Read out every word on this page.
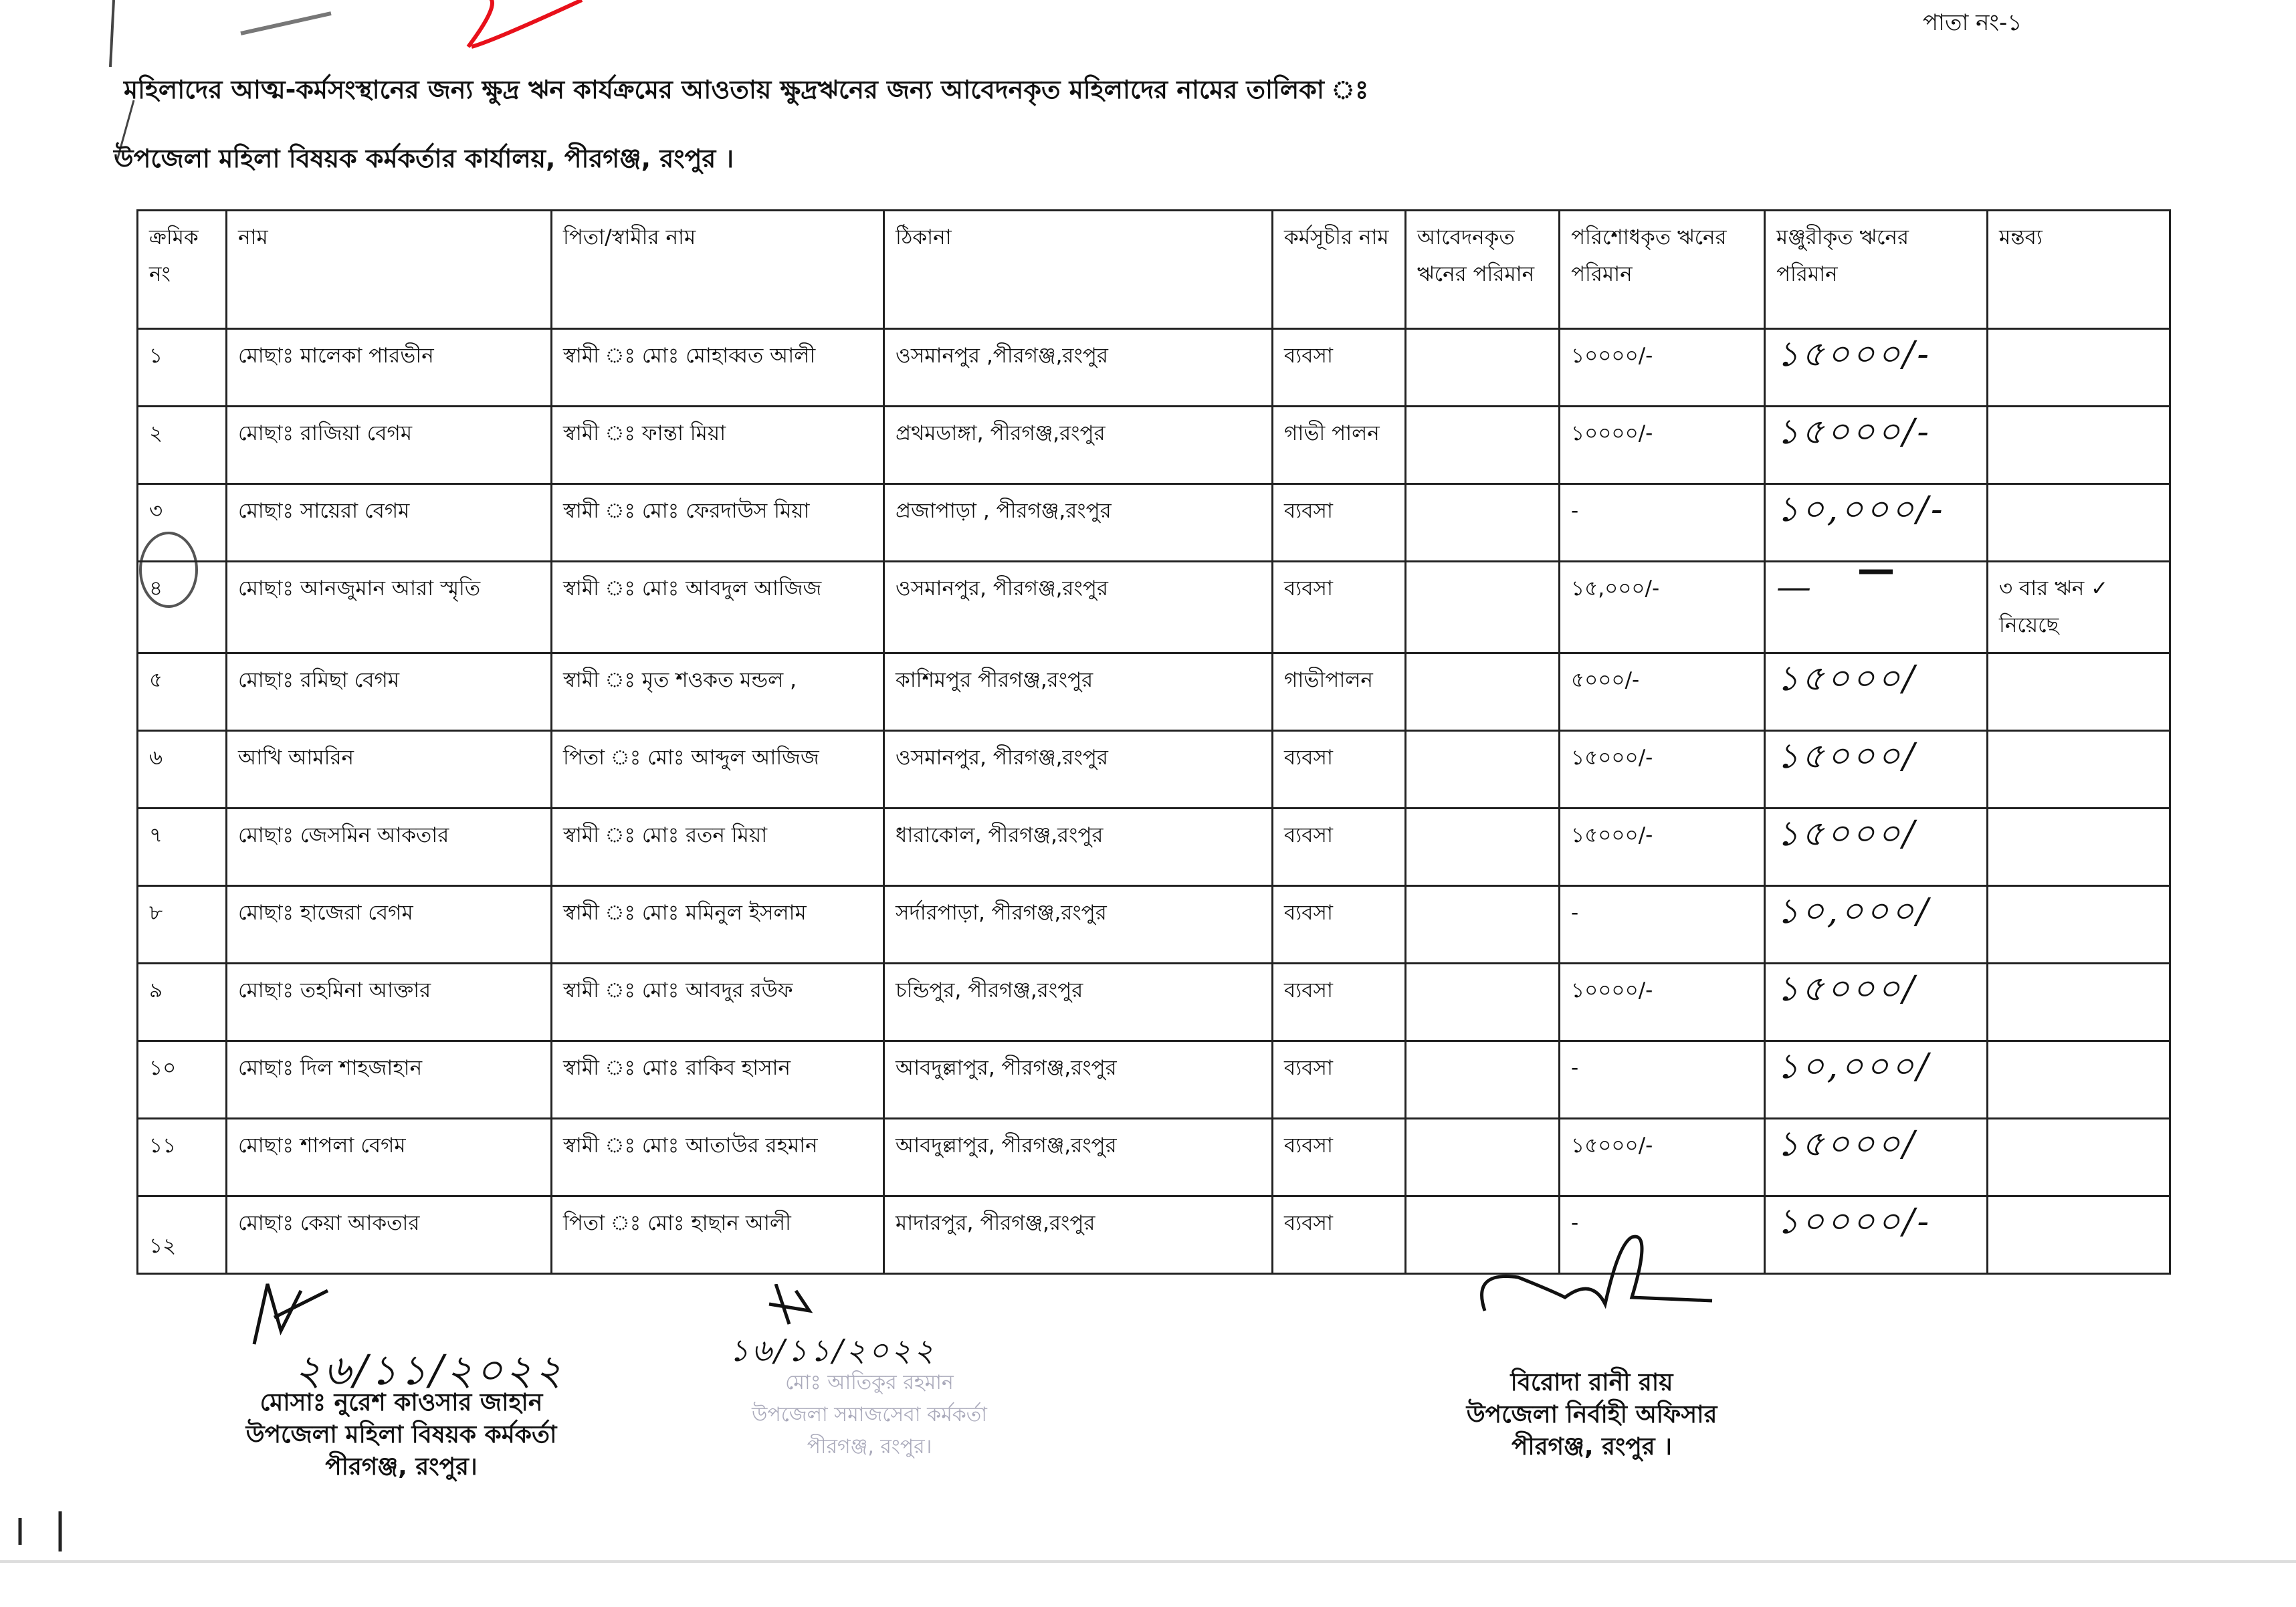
পাতা নং-১
মহিলাদের আত্ম-কর্মসংস্থানের জন্য ক্ষুদ্র ঋন কার্যক্রমের আওতায় ক্ষুদ্রঋনের জন্য আবেদনকৃত মহিলাদের নামের তালিকা ঃ
উপজেলা মহিলা বিষয়ক কর্মকর্তার কার্যালয়, পীরগঞ্জ, রংপুর ।
ক্রমিক নং	নাম	পিতা/স্বামীর নাম	ঠিকানা	কর্মসূচীর নাম	আবেদনকৃত ঋনের পরিমান	পরিশোধকৃত ঋনের পরিমান	মঞ্জুরীকৃত ঋনের পরিমান	মন্তব্য
১	মোছাঃ মালেকা পারভীন	স্বামী ঃ মোঃ মোহাব্বত আলী	ওসমানপুর ,পীরগঞ্জ,রংপুর	ব্যবসা		১০০০০/-	১৫০০০/-	
২	মোছাঃ রাজিয়া বেগম	স্বামী ঃ ফান্তা মিয়া	প্রথমডাঙ্গা, পীরগঞ্জ,রংপুর	গাভী পালন		১০০০০/-	১৫০০০/-	
৩	মোছাঃ সায়েরা বেগম	স্বামী ঃ মোঃ ফেরদাউস মিয়া	প্রজাপাড়া , পীরগঞ্জ,রংপুর	ব্যবসা		-	১০,০০০/-	
৪	মোছাঃ আনজুমান আরা স্মৃতি	স্বামী ঃ মোঃ আবদুল আজিজ	ওসমানপুর, পীরগঞ্জ,রংপুর	ব্যবসা		১৫,০০০/-	—	৩ বার ঋন ✓ নিয়েছে
৫	মোছাঃ রমিছা বেগম	স্বামী ঃ মৃত শওকত মন্ডল ,	কাশিমপুর পীরগঞ্জ,রংপুর	গাভীপালন		৫০০০/-	১৫০০০/	
৬	আখি আমরিন	পিতা ঃ মোঃ আব্দুল আজিজ	ওসমানপুর, পীরগঞ্জ,রংপুর	ব্যবসা		১৫০০০/-	১৫০০০/	
৭	মোছাঃ জেসমিন আকতার	স্বামী ঃ মোঃ রতন মিয়া	ধারাকোল, পীরগঞ্জ,রংপুর	ব্যবসা		১৫০০০/-	১৫০০০/	
৮	মোছাঃ হাজেরা বেগম	স্বামী ঃ মোঃ মমিনুল ইসলাম	সর্দারপাড়া, পীরগঞ্জ,রংপুর	ব্যবসা		-	১০,০০০/	
৯	মোছাঃ তহমিনা আক্তার	স্বামী ঃ মোঃ আবদুর রউফ	চন্ডিপুর, পীরগঞ্জ,রংপুর	ব্যবসা		১০০০০/-	১৫০০০/	
১০	মোছাঃ দিল শাহজাহান	স্বামী ঃ মোঃ রাকিব হাসান	আবদুল্লাপুর, পীরগঞ্জ,রংপুর	ব্যবসা		-	১০,০০০/	
১১	মোছাঃ শাপলা বেগম	স্বামী ঃ মোঃ আতাউর রহমান	আবদুল্লাপুর, পীরগঞ্জ,রংপুর	ব্যবসা		১৫০০০/-	১৫০০০/	
১২	মোছাঃ কেয়া আকতার	পিতা ঃ মোঃ হাছান আলী	মাদারপুর, পীরগঞ্জ,রংপুর	ব্যবসা		-	১০০০০/-	
২৬/১১/২০২২
মোসাঃ নুরেশ কাওসার জাহান
উপজেলা মহিলা বিষয়ক কর্মকর্তা
পীরগঞ্জ, রংপুর।
১৬/১১/২০২২
মোঃ আতিকুর রহমান
উপজেলা সমাজসেবা কর্মকর্তা
পীরগঞ্জ, রংপুর।
বিরোদা রানী রায়
উপজেলা নির্বাহী অফিসার
পীরগঞ্জ, রংপুর ।
